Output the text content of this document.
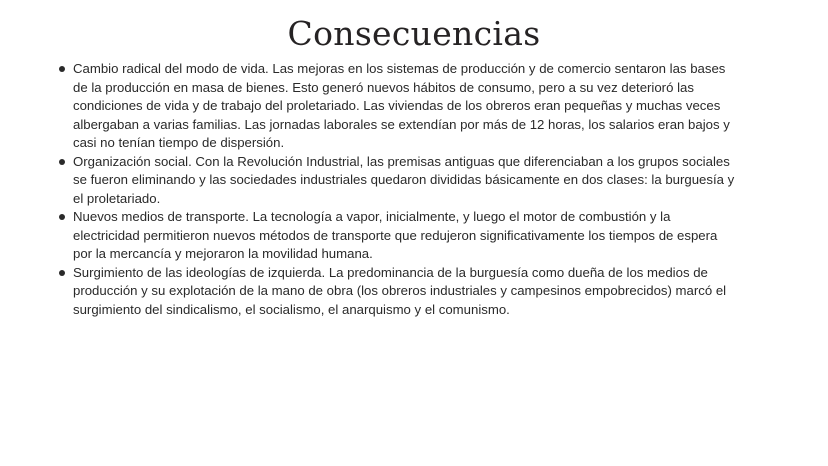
Consecuencias
Cambio radical del modo de vida. Las mejoras en los sistemas de producción y de comercio sentaron las bases de la producción en masa de bienes. Esto generó nuevos hábitos de consumo, pero a su vez deterioró las condiciones de vida y de trabajo del proletariado. Las viviendas de los obreros eran pequeñas y muchas veces albergaban a varias familias. Las jornadas laborales se extendían por más de 12 horas, los salarios eran bajos y casi no tenían tiempo de dispersión.
Organización social. Con la Revolución Industrial, las premisas antiguas que diferenciaban a los grupos sociales se fueron eliminando y las sociedades industriales quedaron divididas básicamente en dos clases: la burguesía y el proletariado.
Nuevos medios de transporte. La tecnología a vapor, inicialmente, y luego el motor de combustión y la electricidad permitieron nuevos métodos de transporte que redujeron significativamente los tiempos de espera por la mercancía y mejoraron la movilidad humana.
Surgimiento de las ideologías de izquierda. La predominancia de la burguesía como dueña de los medios de producción y su explotación de la mano de obra (los obreros industriales y campesinos empobrecidos) marcó el surgimiento del sindicalismo, el socialismo, el anarquismo y el comunismo.
